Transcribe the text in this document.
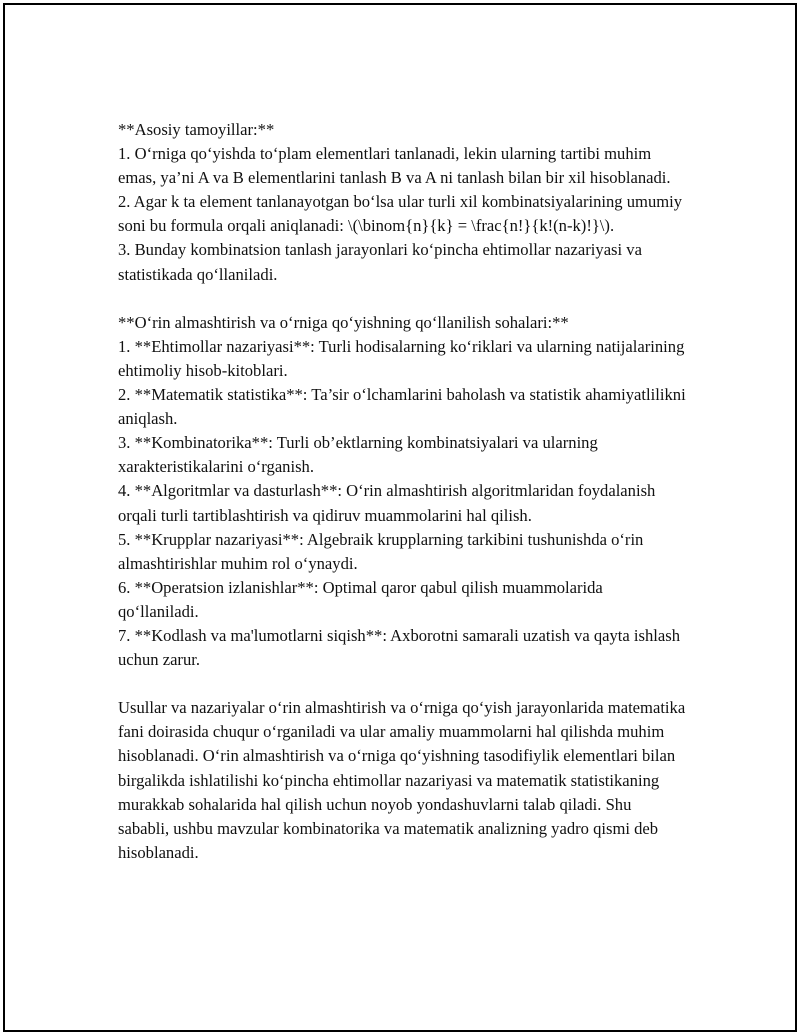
**Asosiy tamoyillar:**

1. O‘rniga qo‘yishda to‘plam elementlari tanlanadi, lekin ularning tartibi muhim emas, ya’ni A va B elementlarini tanlash B va A ni tanlash bilan bir xil hisoblanadi.

2. Agar k ta element tanlanayotgan bo‘lsa ular turli xil kombinatsiyalarining umumiy soni bu formula orqali aniqlanadi: \(\binom{n}{k} = \frac{n!}{k!(n-k)!}\).

3. Bunday kombinatsion tanlash jarayonlari ko‘pincha ehtimollar nazariyasi va statistikada qo‘llaniladi.

**O‘rin almashtirish va o‘rniga qo‘yishning qo‘llanilish sohalari:**

1. **Ehtimollar nazariyasi**: Turli hodisalarning ko‘riklari va ularning natijalarining ehtimoliy hisob-kitoblari.

2. **Matematik statistika**: Ta’sir o‘lchamlarini baholash va statistik ahamiyatlilikni aniqlash.

3. **Kombinatorika**: Turli ob’ektlarning kombinatsiyalari va ularning xarakteristikalarini o‘rganish.

4. **Algoritmlar va dasturlash**: O‘rin almashtirish algoritmlaridan foydalanish orqali turli tartiblashtirish va qidiruv muammolarini hal qilish.

5. **Krupplar nazariyasi**: Algebraik krupplarning tarkibini tushunishda o‘rin almashtirishlar muhim rol o‘ynaydi.

6. **Operatsion izlanishlar**: Optimal qaror qabul qilish muammolarida qo‘llaniladi.

7. **Kodlash va ma'lumotlarni siqish**: Axborotni samarali uzatish va qayta ishlash uchun zarur.

Usullar va nazariyalar o‘rin almashtirish va o‘rniga qo‘yish jarayonlarida matematika fani doirasida chuqur o‘rganiladi va ular amaliy muammolarni hal qilishda muhim hisoblanadi. O‘rin almashtirish va o‘rniga qo‘yishning tasodifiylik elementlari bilan birgalikda ishlatilishi ko‘pincha ehtimollar nazariyasi va matematik statistikaning murakkab sohalarida hal qilish uchun noyob yondashuvlarni talab qiladi. Shu sababli, ushbu mavzular kombinatorika va matematik analizning yadro qismi deb hisoblanadi.
